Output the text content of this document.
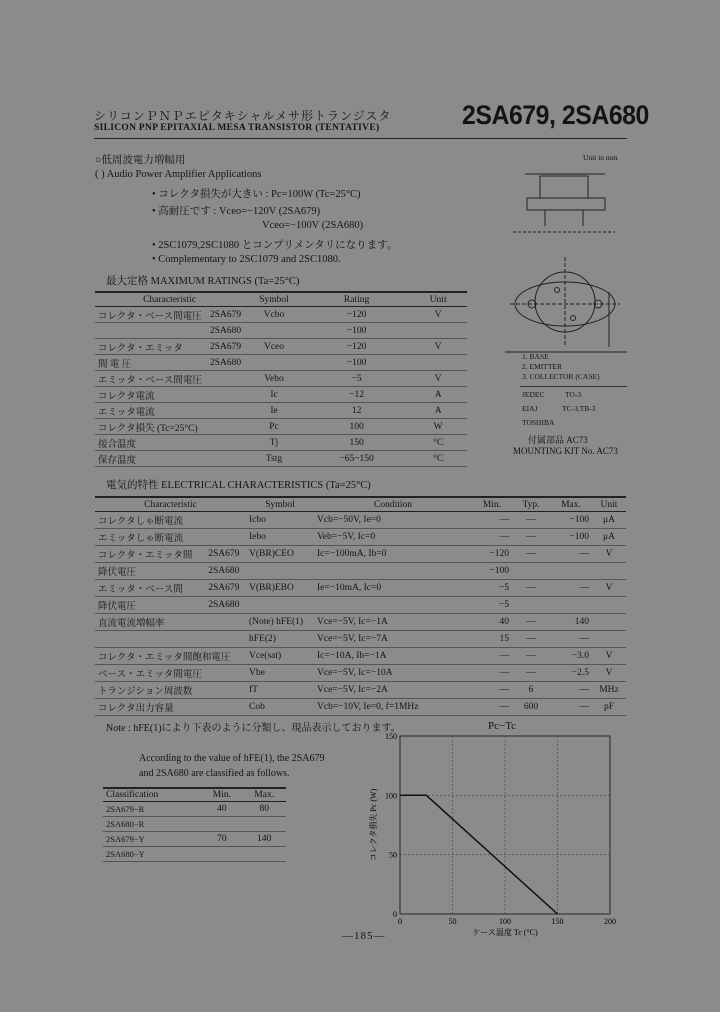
シリコンＰＮＰエピタキシャルメサ形トランジスタ
SILICON PNP EPITAXIAL MESA TRANSISTOR (TENTATIVE)	2SA679, 2SA680
○低周波電力増幅用
( ) Audio Power Amplifier Applications
• コレクタ損失が大きい : Pc=100W (Tc=25°C)
• 高耐圧です : Vceo=−120V (2SA679)
Vceo=−100V (2SA680)
• 2SC1079,2SC1080 とコンプリメンタリになります。
• Complementary to 2SC1079 and 2SC1080.
最大定格 MAXIMUM RATINGS (Ta=25°C)
Characteristic		Symbol	Rating	Unit
コレクタ・ベース間電圧	2SA679	Vcbo	−120	V
	2SA680		−100	
コレクタ・エミッタ	2SA679	Vceo	−120	V
間 電 圧	2SA680		−100	
エミッタ・ベース間電圧		Vebo	−5	V
コレクタ電流		Ic	−12	A
エミッタ電流		Ie	12	A
コレクタ損失 (Tc=25°C)		Pc	100	W
接合温度		Tj	150	°C
保存温度		Tstg	−65~150	°C
Unit in mm
1. BASE
2. EMITTER
3. COLLECTOR (CASE)
JEDEC	TO-3
EIAJ	TC-3,TB-3
TOSHIBA
付属部品 AC73
MOUNTING KIT No. AC73
電気的特性 ELECTRICAL CHARACTERISTICS (Ta=25°C)
Characteristic		Symbol	Condition	Min.	Typ.	Max.	Unit
コレクタしゃ断電流		Icbo	Vcb=−50V, Ie=0	—	—	−100	μA
エミッタしゃ断電流		Iebo	Veb=−5V, Ic=0	—	—	−100	μA
コレクタ・エミッタ間	2SA679	V(BR)CEO	Ic=−100mA, Ib=0	−120	—	—	V
降伏電圧	2SA680			−100			
エミッタ・ベース間	2SA679	V(BR)EBO	Ie=−10mA, Ic=0	−5	—	—	V
降伏電圧	2SA680			−5			
直流電流増幅率		(Note) hFE(1)	Vce=−5V, Ic=−1A	40	—	140	
		hFE(2)	Vce=−5V, Ic=−7A	15	—	—	
コレクタ・エミッタ間飽和電圧		Vce(sat)	Ic=−10A, Ib=−1A	—	—	−3.0	V
ベース・エミッタ間電圧		Vbe	Vce=−5V, Ic=−10A	—	—	−2.5	V
トランジション周波数		fT	Vce=−5V, Ic=−2A	—	6	—	MHz
コレクタ出力容量		Cob	Vcb=−10V, Ie=0, f=1MHz	—	600	—	pF
Note : hFE(1)により下表のように分類し、現品表示しております。
According to the value of hFE(1), the 2SA679
and 2SA680 are classified as follows.
Classification	Min.	Max.
2SA679−R	40	80
2SA680−R		
2SA679−Y	70	140
2SA680−Y		
Pc−Tc
0	50	100	150	200
0
50
100
150
ケース温度 Tc (°C)
コレクタ損失 Pc (W)
—185—
